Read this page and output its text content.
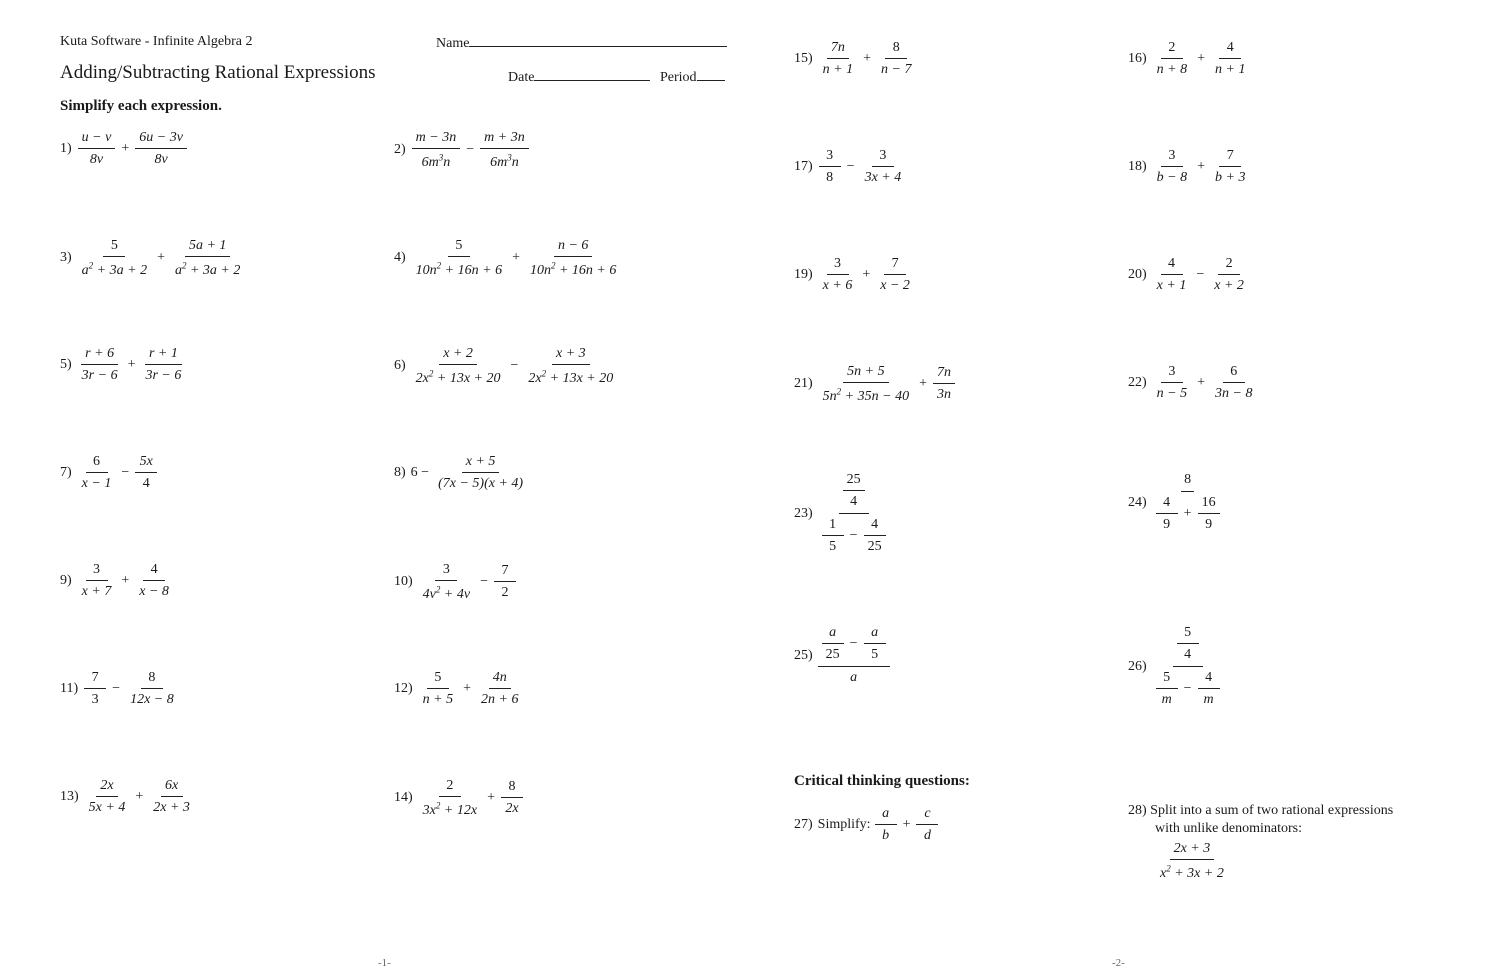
Kuta Software - Infinite Algebra 2	Name
Adding/Subtracting Rational Expressions	Date	Period
Simplify each expression.
$1) \frac{u - v}{8v} + \frac{6u - 3v}{8v}$	$2) \frac{m - 3n}{6m^3n} - \frac{m + 3n}{6m^3n}$
$3) \frac{5}{a^2 + 3a + 2} + \frac{5a + 1}{a^2 + 3a + 2}$	$4) \frac{5}{10n^2 + 16n + 6} + \frac{n - 6}{10n^2 + 16n + 6}$
$5) \frac{r + 6}{3r - 6} + \frac{r + 1}{3r - 6}$	$6) \frac{x + 2}{2x^2 + 13x + 20} - \frac{x + 3}{2x^2 + 13x + 20}$
$7) \frac{6}{x - 1} - \frac{5x}{4}$	8) $6 - \frac{x + 5}{(7x - 5)(x + 4)}$
$9) \frac{3}{x + 7} + \frac{4}{x - 8}$	$10) \frac{3}{4v^2 + 4v} - \frac{7}{2}$
$11) \frac{7}{3} - \frac{8}{12x - 8}$	$12) \frac{5}{n + 5} + \frac{4n}{2n + 6}$
$13) \frac{2x}{5x + 4} + \frac{6x}{2x + 3}$	$14) \frac{2}{3x^2 + 12x} + \frac{8}{2x}$
$15) \frac{7n}{n + 1} + \frac{8}{n - 7}$	$16) \frac{2}{n + 8} + \frac{4}{n + 1}$
$17) \frac{3}{8} - \frac{3}{3x + 4}$	$18) \frac{3}{b - 8} + \frac{7}{b + 3}$
$19) \frac{3}{x + 6} + \frac{7}{x - 2}$	$20) \frac{4}{x + 1} - \frac{2}{x + 2}$
$21) \frac{5n + 5}{5n^2 + 35n - 40} + \frac{7n}{3n}$	$22) \frac{3}{n - 5} + \frac{6}{3n - 8}$
23)
$\frac{25}{4}$
$\frac{1}{5} - \frac{4}{25}$
24)
8
$\frac{4}{9} + \frac{16}{9}$
$25) \frac{a}{25} - \frac{a}{5}$
a
26)
$\frac{5}{4}$
$\frac{5}{m} - \frac{4}{m}$
Critical thinking questions:
27) Simplify: $\frac{a}{b} + \frac{c}{d}$	28) Split into a sum of two rational expressions
with unlike denominators:
$\frac{2x + 3}{x^2 + 3x + 2}$
-1-	-2-
